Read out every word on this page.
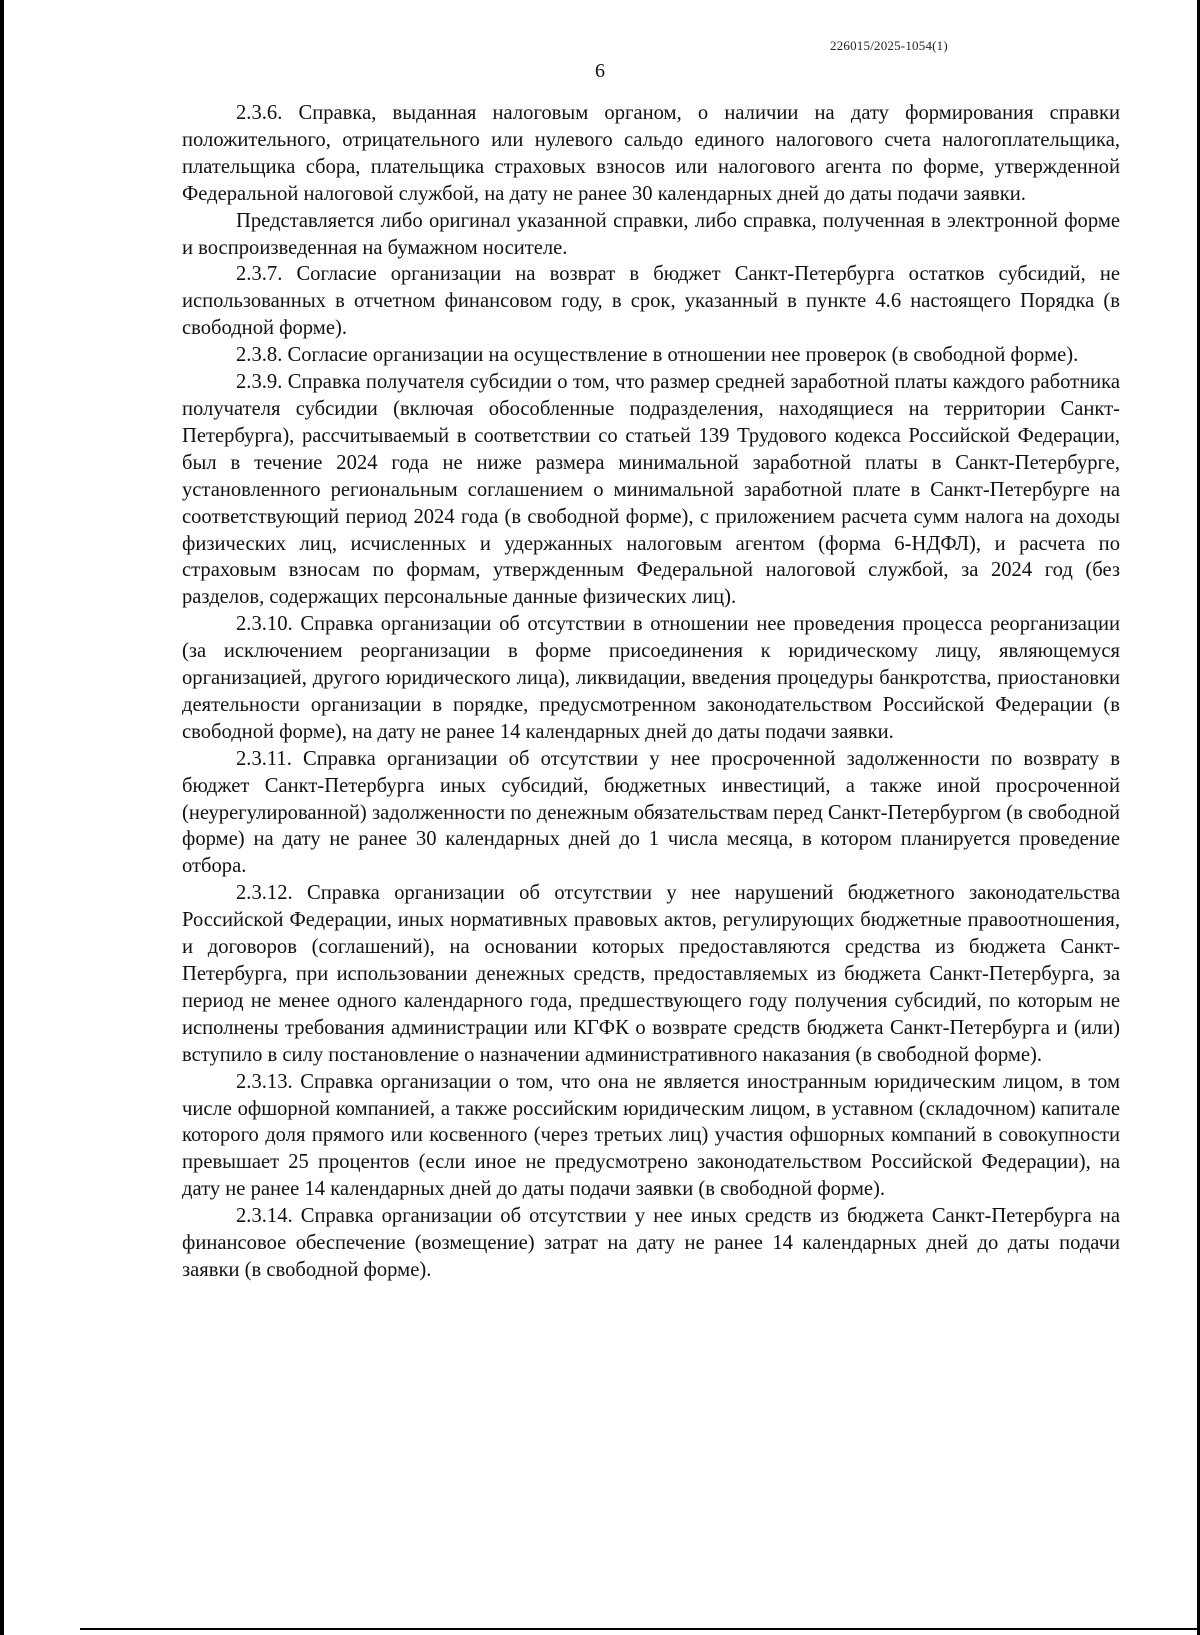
226015/2025-1054(1)
6

2.3.6. Справка, выданная налоговым органом, о наличии на дату формирования справки положительного, отрицательного или нулевого сальдо единого налогового счета налогоплательщика, плательщика сбора, плательщика страховых взносов или налогового агента по форме, утвержденной Федеральной налоговой службой, на дату не ранее 30 календарных дней до даты подачи заявки.

Представляется либо оригинал указанной справки, либо справка, полученная в электронной форме и воспроизведенная на бумажном носителе.

2.3.7. Согласие организации на возврат в бюджет Санкт-Петербурга остатков субсидий, не использованных в отчетном финансовом году, в срок, указанный в пункте 4.6 настоящего Порядка (в свободной форме).

2.3.8. Согласие организации на осуществление в отношении нее проверок (в свободной форме).

2.3.9. Справка получателя субсидии о том, что размер средней заработной платы каждого работника получателя субсидии (включая обособленные подразделения, находящиеся на территории Санкт-Петербурга), рассчитываемый в соответствии со статьей 139 Трудового кодекса Российской Федерации, был в течение 2024 года не ниже размера минимальной заработной платы в Санкт-Петербурге, установленного региональным соглашением о минимальной заработной плате в Санкт-Петербурге на соответствующий период 2024 года (в свободной форме), с приложением расчета сумм налога на доходы физических лиц, исчисленных и удержанных налоговым агентом (форма 6-НДФЛ), и расчета по страховым взносам по формам, утвержденным Федеральной налоговой службой, за 2024 год (без разделов, содержащих персональные данные физических лиц).

2.3.10. Справка организации об отсутствии в отношении нее проведения процесса реорганизации (за исключением реорганизации в форме присоединения к юридическому лицу, являющемуся организацией, другого юридического лица), ликвидации, введения процедуры банкротства, приостановки деятельности организации в порядке, предусмотренном законодательством Российской Федерации (в свободной форме), на дату не ранее 14 календарных дней до даты подачи заявки.

2.3.11. Справка организации об отсутствии у нее просроченной задолженности по возврату в бюджет Санкт-Петербурга иных субсидий, бюджетных инвестиций, а также иной просроченной (неурегулированной) задолженности по денежным обязательствам перед Санкт-Петербургом (в свободной форме) на дату не ранее 30 календарных дней до 1 числа месяца, в котором планируется проведение отбора.

2.3.12. Справка организации об отсутствии у нее нарушений бюджетного законодательства Российской Федерации, иных нормативных правовых актов, регулирующих бюджетные правоотношения, и договоров (соглашений), на основании которых предоставляются средства из бюджета Санкт-Петербурга, при использовании денежных средств, предоставляемых из бюджета Санкт-Петербурга, за период не менее одного календарного года, предшествующего году получения субсидий, по которым не исполнены требования администрации или КГФК о возврате средств бюджета Санкт-Петербурга и (или) вступило в силу постановление о назначении административного наказания (в свободной форме).

2.3.13. Справка организации о том, что она не является иностранным юридическим лицом, в том числе офшорной компанией, а также российским юридическим лицом, в уставном (складочном) капитале которого доля прямого или косвенного (через третьих лиц) участия офшорных компаний в совокупности превышает 25 процентов (если иное не предусмотрено законодательством Российской Федерации), на дату не ранее 14 календарных дней до даты подачи заявки (в свободной форме).

2.3.14. Справка организации об отсутствии у нее иных средств из бюджета Санкт-Петербурга на финансовое обеспечение (возмещение) затрат на дату не ранее 14 календарных дней до даты подачи заявки (в свободной форме).
